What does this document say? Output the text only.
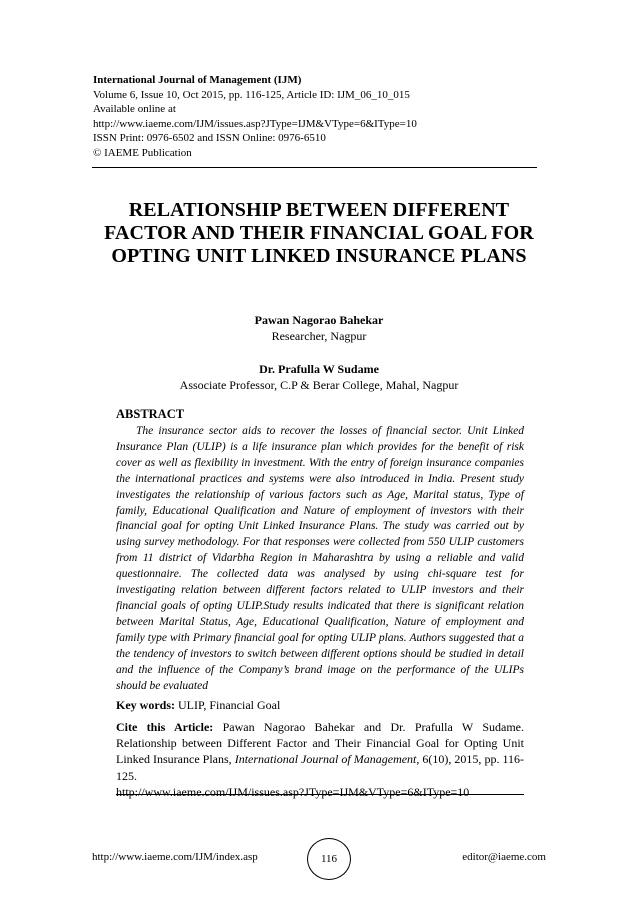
International Journal of Management (IJM)
Volume 6, Issue 10, Oct 2015, pp. 116-125, Article ID: IJM_06_10_015
Available online at
http://www.iaeme.com/IJM/issues.asp?JType=IJM&VType=6&IType=10
ISSN Print: 0976-6502 and ISSN Online: 0976-6510
© IAEME Publication
RELATIONSHIP BETWEEN DIFFERENT FACTOR AND THEIR FINANCIAL GOAL FOR OPTING UNIT LINKED INSURANCE PLANS
Pawan Nagorao Bahekar
Researcher, Nagpur
Dr. Prafulla W Sudame
Associate Professor, C.P & Berar College, Mahal, Nagpur
ABSTRACT

The insurance sector aids to recover the losses of financial sector. Unit Linked Insurance Plan (ULIP) is a life insurance plan which provides for the benefit of risk cover as well as flexibility in investment. With the entry of foreign insurance companies the international practices and systems were also introduced in India. Present study investigates the relationship of various factors such as Age, Marital status, Type of family, Educational Qualification and Nature of employment of investors with their financial goal for opting Unit Linked Insurance Plans. The study was carried out by using survey methodology. For that responses were collected from 550 ULIP customers from 11 district of Vidarbha Region in Maharashtra by using a reliable and valid questionnaire. The collected data was analysed by using chi-square test for investigating relation between different factors related to ULIP investors and their financial goals of opting ULIP.Study results indicated that there is significant relation between Marital Status, Age, Educational Qualification, Nature of employment and family type with Primary financial goal for opting ULIP plans. Authors suggested that a the tendency of investors to switch between different options should be studied in detail and the influence of the Company’s brand image on the performance of the ULIPs should be evaluated

Key words: ULIP, Financial Goal

Cite this Article: Pawan Nagorao Bahekar and Dr. Prafulla W Sudame. Relationship between Different Factor and Their Financial Goal for Opting Unit Linked Insurance Plans, International Journal of Management, 6(10), 2015, pp. 116-125.
http://www.iaeme.com/IJM/issues.asp?JType=IJM&VType=6&IType=10

http://www.iaeme.com/IJM/index.asp	116	editor@iaeme.com
